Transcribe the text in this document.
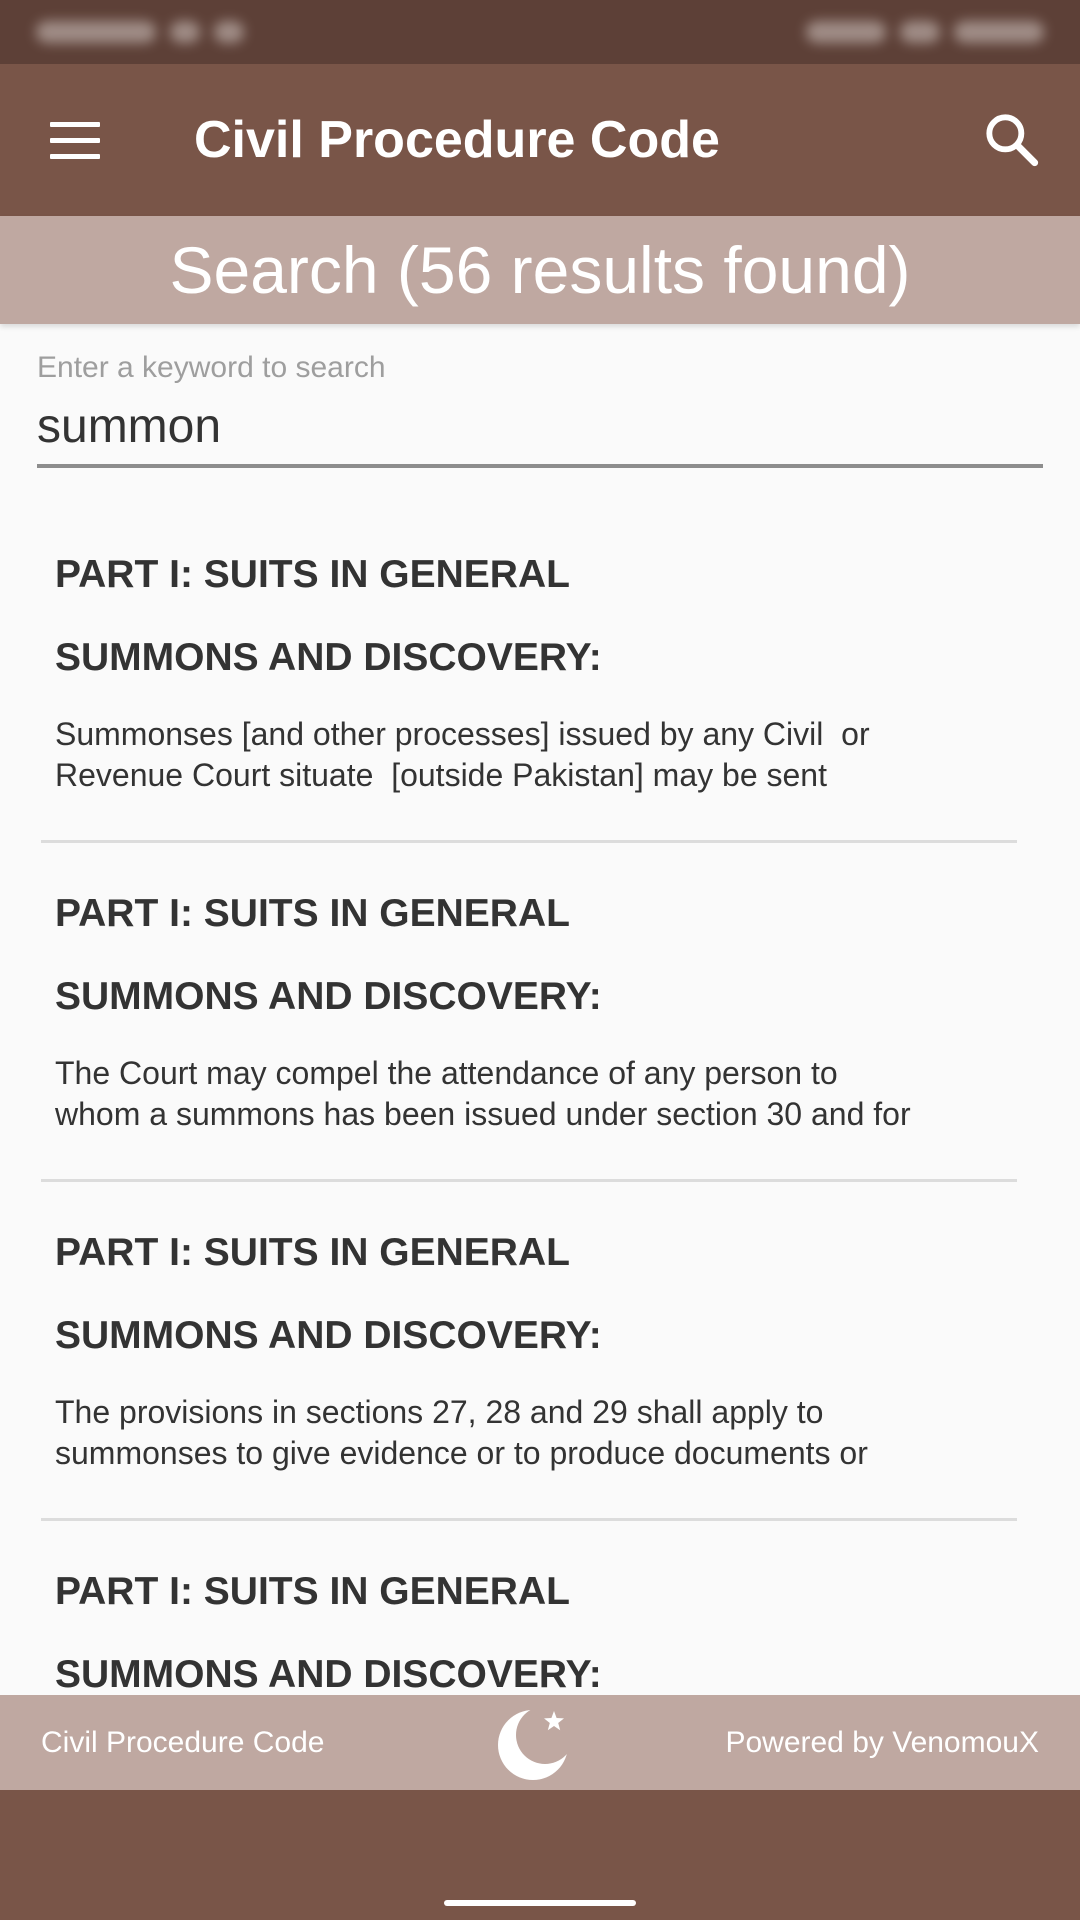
Civil Procedure Code
Search (56 results found)
Enter a keyword to search
summon
PART I: SUITS IN GENERAL
SUMMONS AND DISCOVERY:
Summonses [and other processes] issued by any Civil  or
Revenue Court situate  [outside Pakistan] may be sent
PART I: SUITS IN GENERAL
SUMMONS AND DISCOVERY:
The Court may compel the attendance of any person to
whom a summons has been issued under section 30 and for
PART I: SUITS IN GENERAL
SUMMONS AND DISCOVERY:
The provisions in sections 27, 28 and 29 shall apply to
summonses to give evidence or to produce documents or
PART I: SUITS IN GENERAL
SUMMONS AND DISCOVERY:
Civil Procedure Code	Powered by VenomouX
